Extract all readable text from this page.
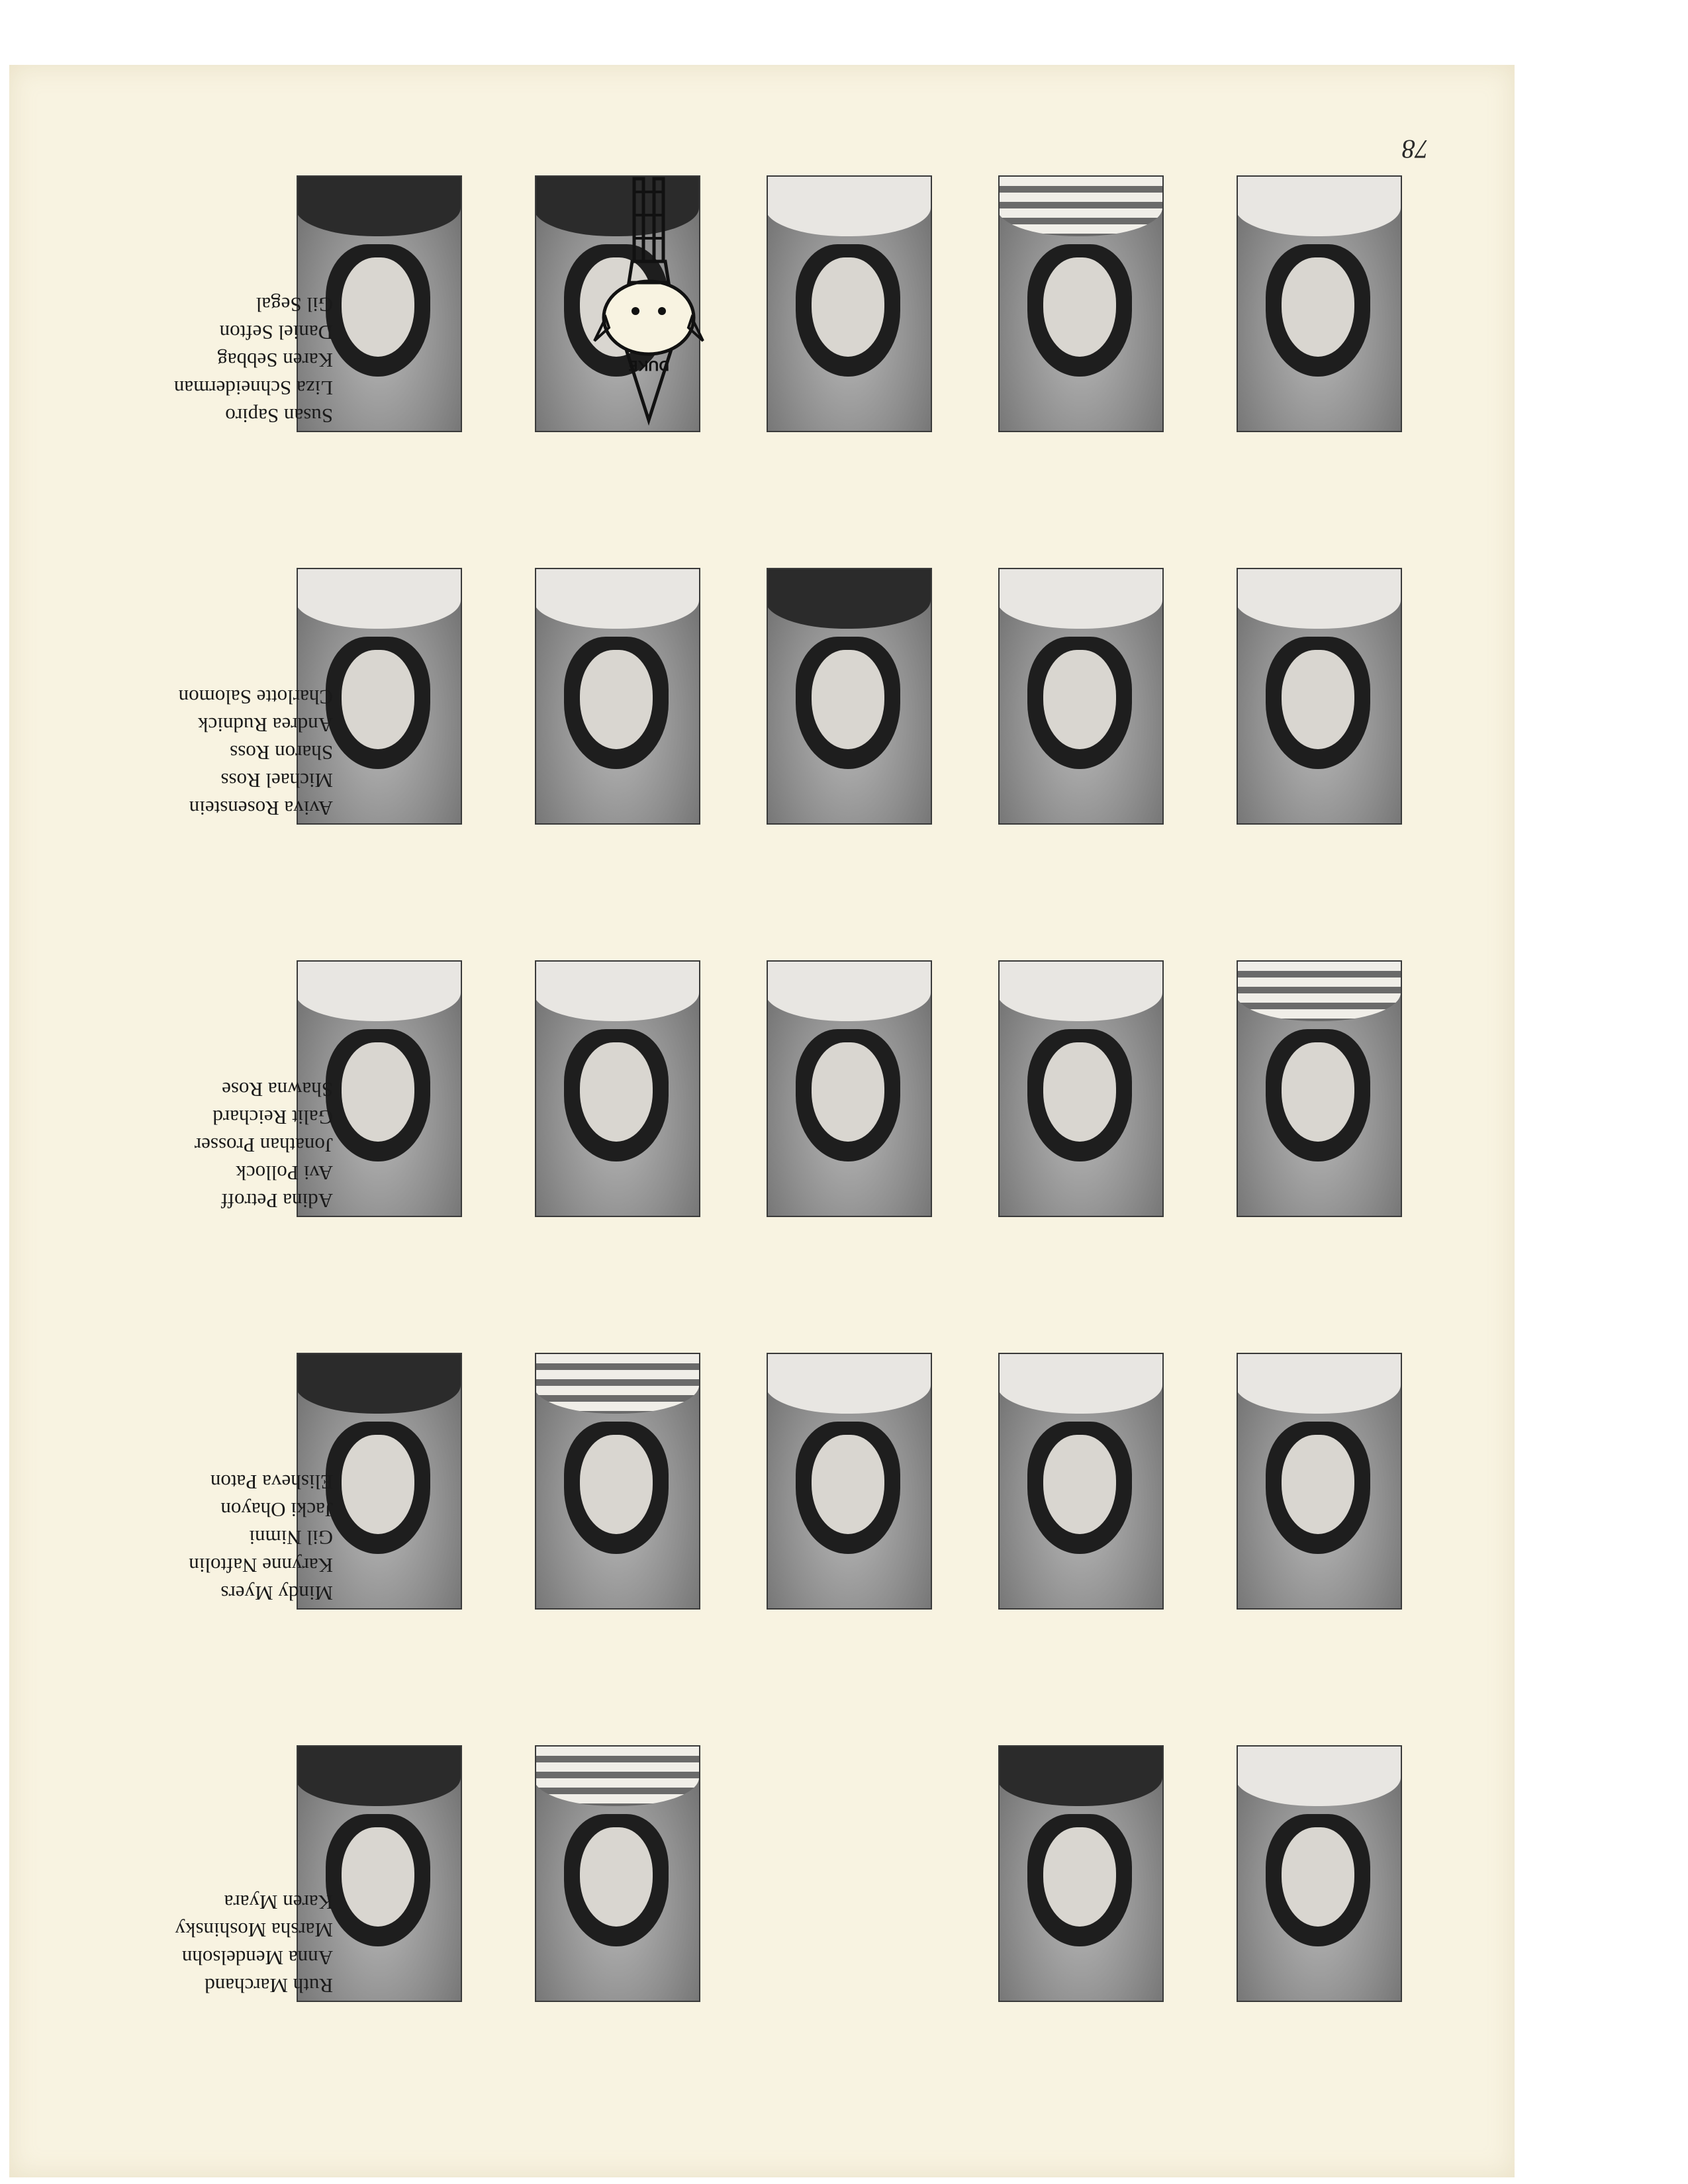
78
Ruth Marchand
Anna Mendelsohn
Marsha Moshinsky
Karen Myara
Mindy Myers
Karynne Naftolin
Gil Nimni
Jacki Ohayon
Elisheva Paton
Adina Petroff
Avi Pollock
Jonathan Prosser
Galit Reichard
Shawna Rose
Aviva Rosenstein
Michael Ross
Sharon Ross
Andrea Rudnick
Charlotte Salomon
Susan Sapiro
Liza Schneiderman
Karen Sebbag
Daniel Sefton
Gil Segal
DUKE
